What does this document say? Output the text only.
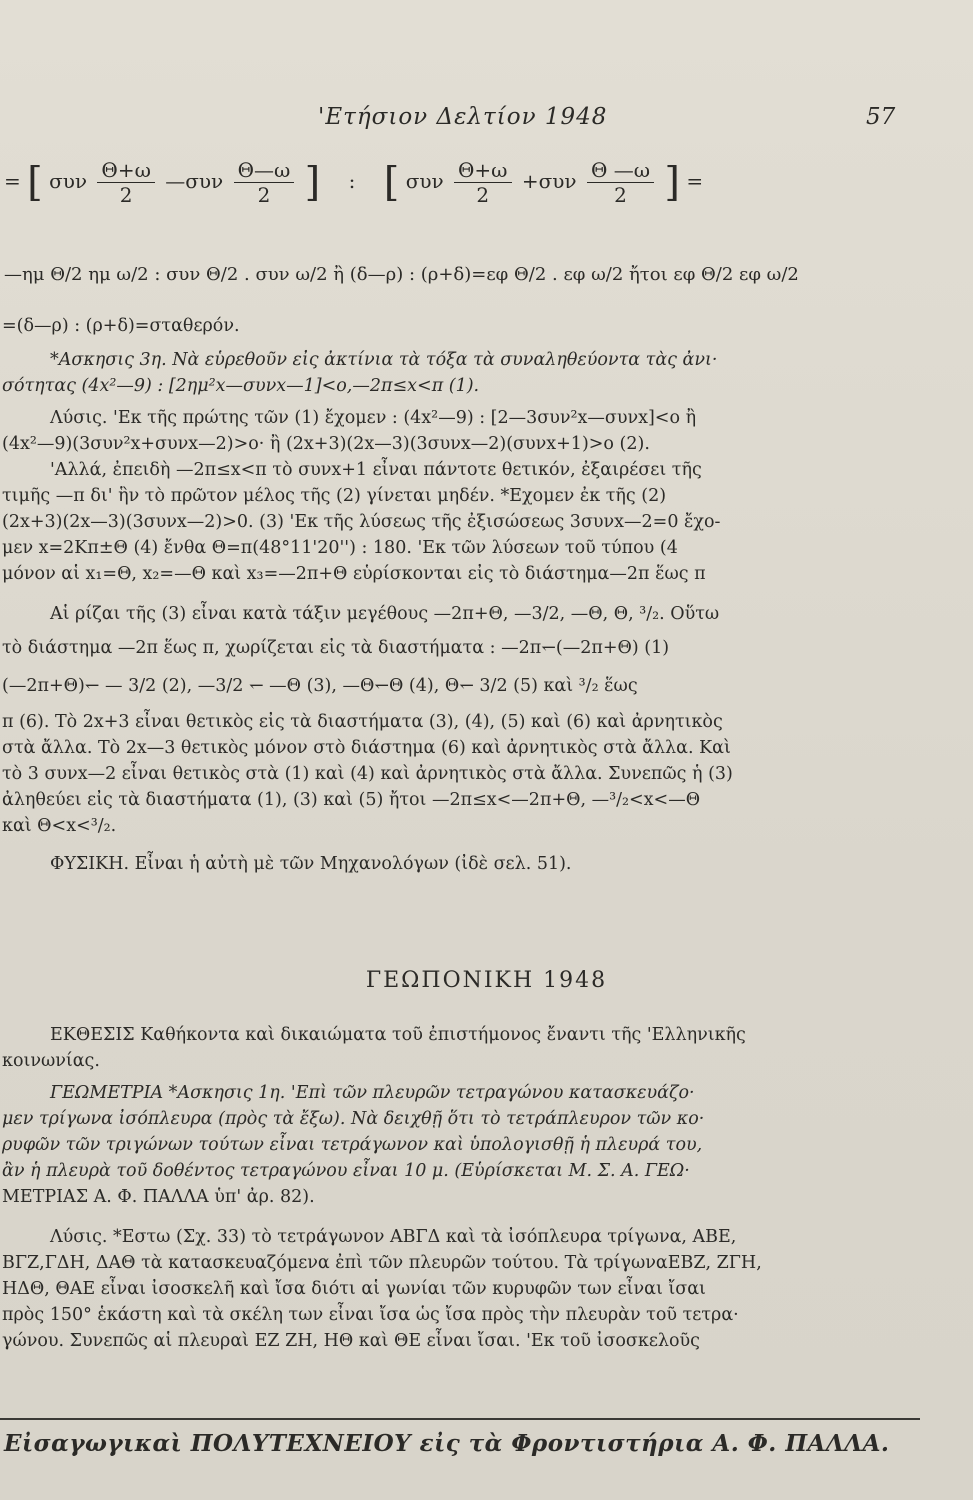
'Ετήσιον Δελτίον 1948	57
= [ συν $\frac{\Theta+\omega}{2}$ —συν $\frac{\Theta—\omega}{2}$ ] : [ συν $\frac{\Theta+\omega}{2} +\sigma\upsilon\nu \frac{\Theta —\omega}{2}$ ] =

—ημ Θ/2 ημ ω/2 : συν Θ/2 . συν ω/2 ἢ (δ—ρ) : (ρ+δ)=εφ Θ/2 . εφ ω/2 ἤτοι εφ Θ/2 εφ ω/2

=(δ—ρ) : (ρ+δ)=σταθερόν.

*Ασκησις 3η. Νὰ εὑρεθοῦν εἰς ἀκτίνια τὰ τόξα τὰ συναληθεύοντα τὰς ἀνι·

σότητας (4x²—9) : [2ημ²x—συνx—1]<ο,—2π≤x<π (1).

Λύσις. 'Εκ τῆς πρώτης τῶν (1) ἔχομεν : (4x²—9) : [2—3συν²x—συνx]<ο ἢ

(4x²—9)(3συν²x+συνx—2)>ο· ἢ (2x+3)(2x—3)(3συνx—2)(συνx+1)>ο (2).

'Αλλά, ἐπειδὴ —2π≤x<π τὸ συνx+1 εἶναι πάντοτε θετικόν, ἐξαιρέσει τῆς

τιμῆς —π δι' ἣν τὸ πρῶτον μέλος τῆς (2) γίνεται μηδέν. *Εχομεν ἐκ τῆς (2)

(2x+3)(2x—3)(3συνx—2)>0. (3) 'Εκ τῆς λύσεως τῆς ἐξισώσεως 3συνx—2=0 ἔχο-

μεν x=2Κπ±Θ (4) ἔνθα Θ=π(48°11'20'') : 180. 'Εκ τῶν λύσεων τοῦ τύπου (4

μόνον αἱ x₁=Θ, x₂=—Θ καὶ x₃=—2π+Θ εὑρίσκονται εἰς τὸ διάστημα—2π ἕως π

Αἱ ρίζαι τῆς (3) εἶναι κατὰ τάξιν μεγέθους —2π+Θ, —3/2, —Θ, Θ, ³/₂. Οὕτω

τὸ διάστημα —2π ἕως π, χωρίζεται εἰς τὰ διαστήματα : —2π↽(—2π+Θ) (1)

(—2π+Θ)↽ — 3/2 (2), —3/2 ↽ —Θ (3), —Θ↽Θ (4), Θ↽ 3/2 (5) καὶ ³/₂ ἕως

π (6). Τὸ 2x+3 εἶναι θετικὸς εἰς τὰ διαστήματα (3), (4), (5) καὶ (6) καὶ ἀρνητικὸς

στὰ ἄλλα. Τὸ 2x—3 θετικὸς μόνον στὸ διάστημα (6) καὶ ἀρνητικὸς στὰ ἄλλα. Καὶ

τὸ 3 συνx—2 εἶναι θετικὸς στὰ (1) καὶ (4) καὶ ἀρνητικὸς στὰ ἄλλα. Συνεπῶς ἡ (3)

ἀληθεύει εἰς τὰ διαστήματα (1), (3) καὶ (5) ἤτοι —2π≤x<—2π+Θ, —³/₂<x<—Θ

καὶ Θ<x<³/₂.

ΦΥΣΙΚΗ. Εἶναι ἡ αὐτὴ μὲ τῶν Μηχανολόγων (ἰδὲ σελ. 51).

ΓΕΩΠΟΝΙΚΗ 1948

ΕΚΘΕΣΙΣ Καθήκοντα καὶ δικαιώματα τοῦ ἐπιστήμονος ἔναντι τῆς 'Ελληνικῆς

κοινωνίας.

ΓΕΩΜΕΤΡΙΑ *Ασκησις 1η. 'Επὶ τῶν πλευρῶν τετραγώνου κατασκευάζο·

μεν τρίγωνα ἰσόπλευρα (πρὸς τὰ ἔξω). Νὰ δειχθῇ ὅτι τὸ τετράπλευρον τῶν κο·

ρυφῶν τῶν τριγώνων τούτων εἶναι τετράγωνον καὶ ὑπολογισθῇ ἡ πλευρά του,

ἂν ἡ πλευρὰ τοῦ δοθέντος τετραγώνου εἶναι 10 μ. (Εὑρίσκεται Μ. Σ. Α. ΓΕΩ·

ΜΕΤΡΙΑΣ Α. Φ. ΠΑΛΛΑ ὑπ' ἀρ. 82).

Λύσις. *Εστω (Σχ. 33) τὸ τετράγωνον ΑΒΓΔ καὶ τὰ ἰσόπλευρα τρίγωνα, ΑΒΕ,

ΒΓΖ,ΓΔΗ, ΔΑΘ τὰ κατασκευαζόμενα ἐπὶ τῶν πλευρῶν τούτου. Τὰ τρίγωναΕΒΖ, ΖΓΗ,

ΗΔΘ, ΘΑΕ εἶναι ἰσοσκελῆ καὶ ἴσα διότι αἱ γωνίαι τῶν κυρυφῶν των εἶναι ἴσαι

πρὸς 150° ἑκάστη καὶ τὰ σκέλη των εἶναι ἴσα ὡς ἴσα πρὸς τὴν πλευρὰν τοῦ τετρα·

γώνου. Συνεπῶς αἱ πλευραὶ ΕΖ ΖΗ, ΗΘ καὶ ΘΕ εἶναι ἴσαι. 'Εκ τοῦ ἰσοσκελοῦς

Εἰσαγωγικαὶ ΠΟΛΥΤΕΧΝΕΙΟΥ εἰς τὰ Φροντιστήρια Α. Φ. ΠΑΛΛΑ.
